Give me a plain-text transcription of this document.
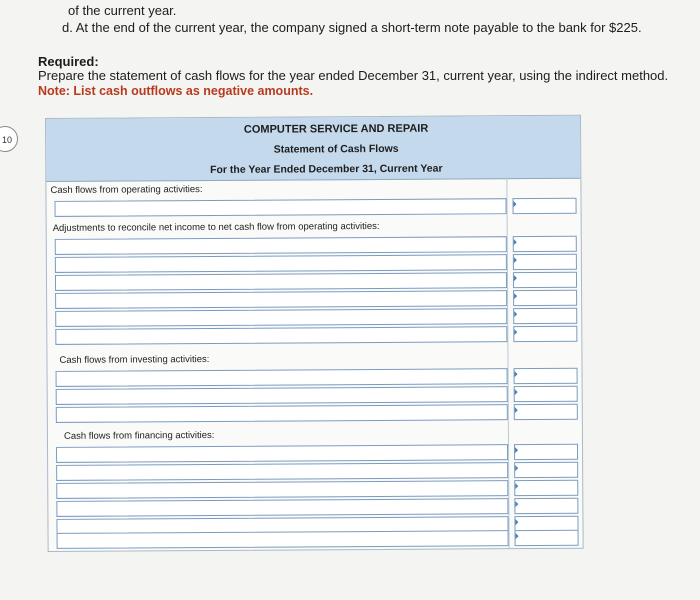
10
of the current year.
d. At the end of the current year, the company signed a short-term note payable to the bank for $225.
Required:
Prepare the statement of cash flows for the year ended December 31, current year, using the indirect method.
Note: List cash outflows as negative amounts.
COMPUTER SERVICE AND REPAIR
Statement of Cash Flows
For the Year Ended December 31, Current Year
Cash flows from operating activities:
Adjustments to reconcile net income to net cash flow from operating activities:
Cash flows from investing activities:
Cash flows from financing activities:
